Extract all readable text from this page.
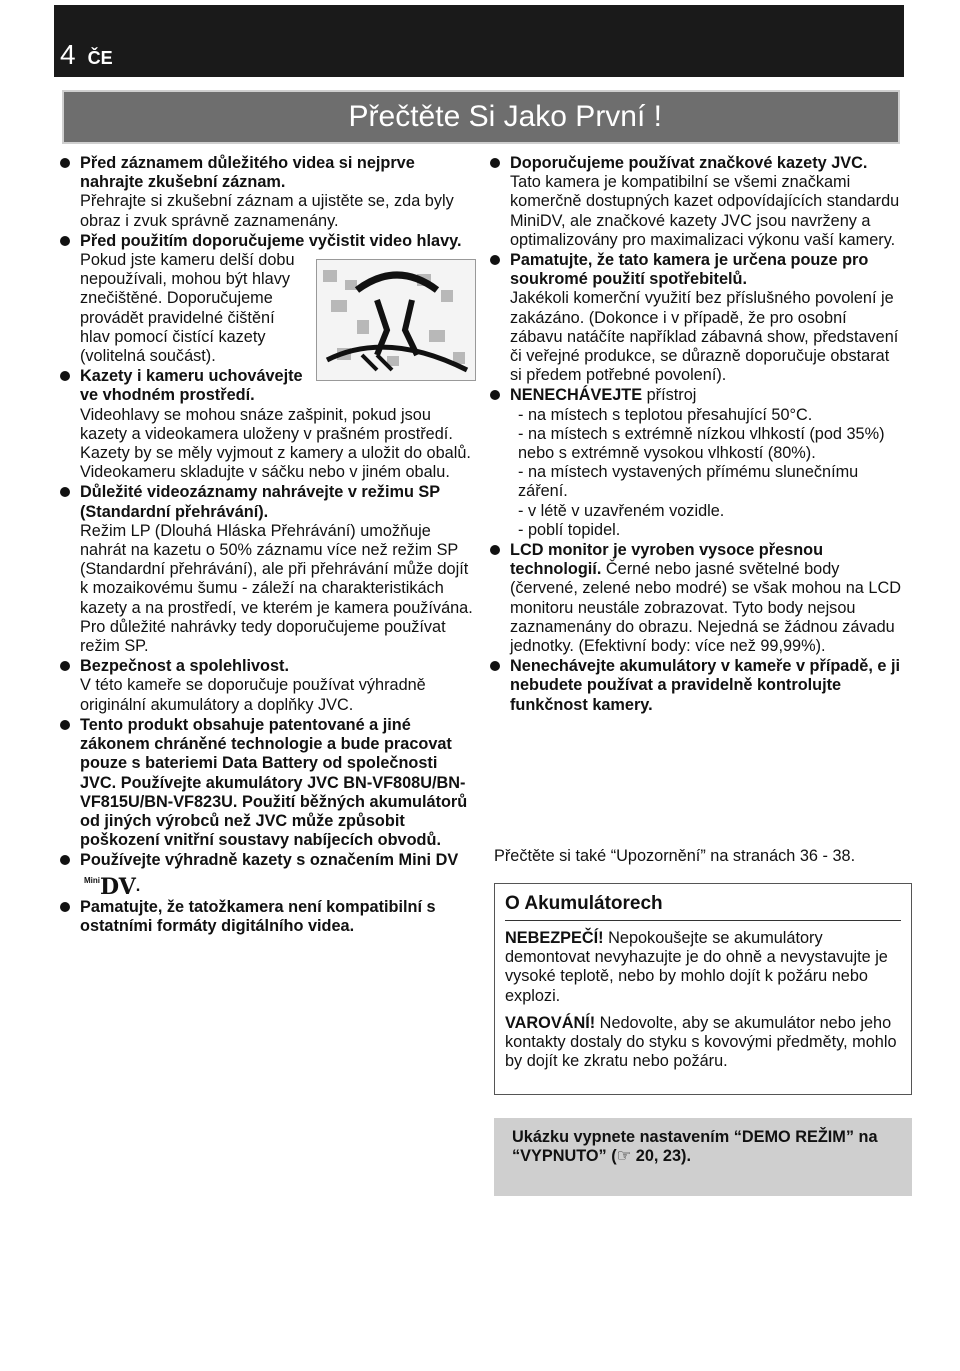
4 ČE
Přečtěte Si Jako První !
Před záznamem důležitého videa si nejprve nahrajte zkušební záznam.
Přehrajte si zkušební záznam a ujistěte se, zda byly obraz i zvuk správně zaznamenány.
Před použitím doporučujeme vyčistit video hlavy.
Pokud jste kameru delší dobu nepoužívali, mohou být hlavy znečištěné. Doporučujeme provádět pravidelné čištění hlav pomocí čistící kazety (volitelná součást).
Kazety i kameru uchovávejte ve vhodném prostředí.
Videohlavy se mohou snáze zašpinit, pokud jsou kazety a videokamera uloženy v prašném prostředí. Kazety by se měly vyjmout z kamery a uložit do obalů. Videokameru skladujte v sáčku nebo v jiném obalu.
Důležité videozáznamy nahrávejte v režimu SP (Standardní přehrávání).
Režim LP (Dlouhá Hláska Přehrávání) umožňuje nahrát na kazetu o 50% záznamu více než režim SP (Standardní přehrávání), ale při přehrávání může dojít k mozaikovému šumu - záleží na charakteristikách kazety a na prostředí, ve kterém je kamera používána. Pro důležité nahrávky tedy doporučujeme používat režim SP.
Bezpečnost a spolehlivost.
V této kameře se doporučuje používat výhradně originální akumulátory a doplňky JVC.
Tento produkt obsahuje patentované a jiné zákonem chráněné technologie a bude pracovat pouze s bateriemi Data Battery od společnosti JVC. Používejte akumulátory JVC BN-VF808U/BN-VF815U/BN-VF823U. Použití běžných akumulátorů od jiných výrobců než JVC může způsobit poškození vnitřní soustavy nabíjecích obvodů.
Používejte výhradně kazety s označením Mini DV $^{Mini}$DV.
Pamatujte, že tatožkamera není kompatibilní s ostatními formáty digitálního videa.
Doporučujeme používat značkové kazety JVC.
Tato kamera je kompatibilní se všemi značkami komerčně dostupných kazet odpovídajících standardu MiniDV, ale značkové kazety JVC jsou navrženy a optimalizovány pro maximalizaci výkonu vaší kamery.
Pamatujte, že tato kamera je určena pouze pro soukromé použití spotřebitelů.
Jakékoli komerční využití bez příslušného povolení je zakázáno. (Dokonce i v případě, že pro osobní zábavu natáčíte například zábavná show, představení či veřejné produkce, se důrazně doporučuje obstarat si předem potřebné povolení).
NENECHÁVEJTE přístroj
- na místech s teplotou přesahující 50°C.
- na místech s extrémně nízkou vlhkostí (pod 35%) nebo s extrémně vysokou vlhkostí (80%).
- na místech vystavených přímému slunečnímu záření.
- v létě v uzavřeném vozidle.
- poblí topidel.
LCD monitor je vyroben vysoce přesnou technologií. Černé nebo jasné světelné body (červené, zelené nebo modré) se však mohou na LCD monitoru neustále zobrazovat. Tyto body nejsou zaznamenány do obrazu. Nejedná se žádnou závadu jednotky. (Efektivní body: více než 99,99%).
Nenechávejte akumulátory v kameře v případě, e ji nebudete používat a pravidelně kontrolujte funkčnost kamery.
Přečtěte si také “Upozornění” na stranách 36 - 38.
O Akumulátorech
NEBEZPEČÍ! Nepokoušejte se akumulátory demontovat nevyhazujte je do ohně a nevystavujte je vysoké teplotě, nebo by mohlo dojít k požáru nebo explozi.
VAROVÁNÍ! Nedovolte, aby se akumulátor nebo jeho kontakty dostaly do styku s kovovými předměty, mohlo by dojít ke zkratu nebo požáru.
Ukázku vypnete nastavením “DEMO REŽIM” na “VYPNUTO” (☞ 20, 23).
